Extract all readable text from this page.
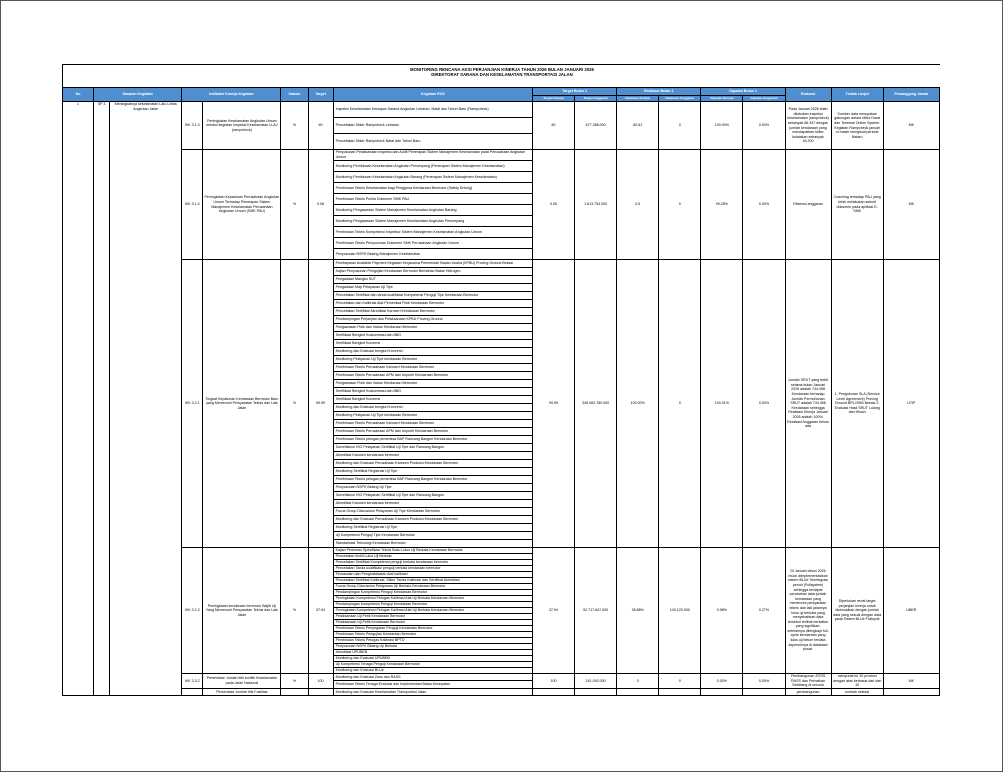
MONITORING RENCANA AKSI PERJANJIAN KINERJA TAHUN 2026 BULAN JANUARI 2026
DIREKTORAT SARANA DAN KESELAMATAN TRANSPORTASI JALAN
No	Sasaran Kegiatan		Indikator Kinerja Kegiatan		Satuan	Target	Kegiatan RO6	Target Bulan 1		Realisasi Bulan 1		Capaian Bulan 1		Evaluasi	Tindak Lanjut	Penanggung Jawab
								Target Kinerja	Target Anggaran	Realisasi Kinerja	Realisasi Anggaran	Capaian Kinerja	Capaian Anggaran			
1	SP 3	Meningkatnya keselamatan Lalu Lintas Angkutan Jalan	IKK 3.1.3	Peningkatan Keselamatan Angkutan Umum melalui kegiatan Inspeksi Keselamatan LLAJ (rampcheck)	%	60	Inspeksi Keselamatan Kesiapan Sarana Angkutan Lebaran, Natal dan Tahun Baru (Rampcheck)	60	677.288.000	60.61	0	100.00%	0.00%	Pada Januari 2026 telah dilakukan inspeksi keselamatan (rampcheck) sebanyak 66.347 dengan jumlah kendaraan yang mendapatkan stiker kelaiakan sebanyak 43.200	Sumber data merupakan gabungan antara Mitra Darat dan Terminal Online System. Kegiatan Rampcheck januari ni masih mengikuti periode Nataru	MK
							Pencetakan Stiker Rampcheck Lebaran									
							Pencetakan Stiker Rampcheck Natal dan Tahun Baru									
			IKK 3.1.4	Peningkatan Kepatuhan Perusahaan Angkutan Umum Terhadap Penerapan Sistem Manajemen Keselamatan Perusahaan Angkutan Umum (SMK PAU)	%	0.06	Penyusunan Pelaksanaan Inspeksi dan Audit Penerapan Sistem Manajemen Keselamatan pada Perusahaan Angkutan Umum	0.06	1.813.734.000	0.5	0	99.28%	0.00%	Efisiensi anggaran	Coaching terhadap PAU yang telah melakukan submit dokumen pada aplikasi E-SMK	MK
							Monitoring Pembinaan Keselamatan Angkutan Penumpang (Penerapan Sistem Manajemen Keselamatan)									
							Monitoring Pembinaan Keselamatan Angkutan Barang (Penerapan Sistem Manajemen Keselamatan)									
							Pembinaan Teknis Keselamatan bagi Pengguna Kendaraan Bermotor (Safety Driving)									
							Pembinaan Teknis Perilai Dokumen SMK PAU									
							Monitoring Pengawasan Sistem Manajemen Keselamatan Angkutan Barang									
							Monitoring Pengawasan Sistem Manajemen Keselamatan Angkutan Penumpang									
							Pembinaan Teknis Kompetensi Inspektur Sistem Manajemen Keselamatan Angkutan Umum									
							Pembinaan Teknis Penyusunan Dokumen SMK Perusahaan Angkutan Umum									
							Penyusunan NSPK Bidang Manajemen Keselamatan									
			IKK 3.2.1	Tingkat Kepatuhan Kendaraan Bermotor Baru yang Memenuhi Persyaratan Teknis dan Laik Jalan	%	99.99	Pembayaran Available Payment Kegiatan Kerjasama Pemerintah Badan Usaha (KPBU) Proving Ground Bekasi	99.99	345.983.780.000	100.00%	0	100.01%	0.00%	Jumlah SRUT yang terbit selama bulan Januari 2026 adalah 744.498 Kendaraan terhadap Jumlah Permohonan SRUT adalah 744.498 Kendaraan sehingga Realisasi Kinerja Januari 2026 adalah 100%. Realisasi Anggaran belum ada	1. Pengukuran SLA (Service Level Agreement) Proving Ground BPLJSKB Bekasi 2. Evaluasi Hasil SRUT Lulang dan Hilush	UTIP
							Kajian Penyusunan Pengujian Kendaraan Bermotor Berbahan Bakar Hidrogen									
							Pengadaan Mangku SUT									
							Pengadaan Map Pelayanan Uji Tipe									
							Pencetakan Sertifikat dan tanda kualifikasi Kompetensi Penguji Tipe Kendaraan Bermotor									
							Pencetakan dan Kalibrasi Alat Pemeriksa Fisik Kendaraan Bermotor									
							Pencetakan Sertifikat Akreditasi Karoseri Kendaraan Bermotor									
							Pendampingan Perjanjian dan Pelaksanaan KPBU Proving Ground									
							Pengawasan Fisik dan Varian Kendaraan Bermotor									
							Sertifikasi Bengkel Kustomisasi dan BBG									
							Sertifikasi Bengkel Konversi									
							Monitoring dan Evaluasi bengkel Konversi									
							Monitoring Pelayanan Uji Tipe kendaraan Bermotor									
							Pembinaan Teknis Perusahaan Karoseri Kendaraan Bermotor									
							Pembinaan Teknis Perusahaan APM dan Importir Kendaraan Bermotor									
							Pengawasan Fisik dan Varian Kendaraan Bermotor									
							Sertifikasi Bengkel Kustomisasi dan BBG									
							Sertifikasi Bengkel Konversi									
							Monitoring dan Evaluasi bengkel Konversi									
							Monitoring Pelayanan Uji Tipe kendaraan Bermotor									
							Pembinaan Teknis Perusahaan Karoseri Kendaraan Bermotor									
							Pembinaan Teknis Perusahaan APM dan Importir Kendaraan Bermotor									
							Pembinaan Teknis petugas pemeriksa BAP Rancang Bangun Kendaraan Bermotor									
							Surveillance ISO Pelayanan Sertifikat Uji Tipe dan Rancang Bangun									
							Akreditasi Karoseri kendaraan bermotor									
							Monitoring dan Evaluasi Perusahaan Karoseri Produksi Kendaraan Bermotor									
							Monitoring Sertifikat Registrasi Uji Tipe									
							Pembinaan Teknis petugas pemeriksa BAP Rancang Bangun Kendaraan Bermotor									
							Penyusunan NSPK Bidang Uji Tipe									
							Surveillance ISO Pelayanan Sertifikat Uji Tipe dan Rancang Bangun									
							Akreditasi Karoseri kendaraan bermotor									
							Focus Group Discussion Pelayanan Uji Tipe Kendaraan Bermotor									
							Monitoring dan Evaluasi Perusahaan Karoseri Produksi Kendaraan Bermotor									
							Monitoring Sertifikat Registrasi Uji Tipe									
							Uji Kompetensi Penguji Tipe Kendaraan Bermotor									
							Standarisasi Teknologi Kendaraan Bermotor									
			IKK 3.2.2	Peningkatan kendaraan bermotor Wajib Uji Yang Memenuhi Persyaratan Teknis dan Laik Jalan	%	37.94	Kajian Pedoman Spesifikasi Teknis Buku Lulus Uji Berkala Kendaraan Bermotor	37.94	92.717.847.000	38.88%	143.120.000	0.98%	0.27%	Di Januari tahun 2026 mulai diimplementasikan sistem BLUe Terintegrasi penuh (Fullsystem) sehingga terdapat perubahan data jumlah kendaraan yang memenuhi persyaratan teknis dan laik jalannya lulus uji berkala yang menyebabkan data tersebut terlihat berkaitan yang signifikan. setelahnya dilengkapi full-cycle kendaraan yang lulus uji belum terdata sepenuhnya di database pusat.	Diperlukan revisi target perjanjian kinerja untuk disesuaikan dengan jumlah data yang sesuai dengan data pada Sistem BLUe Fullcycle	UBER
							Pencetakan Bukti Lulus Uji Berkala									
							Pencetakan Sertifikat Kompetensi penguji berkala kendaraan bermotor									
							Pencetakan Tanda kualifikasi penguji berkala kendaraan bermotor									
							Pemasalan dan Penghafalasian Alat kalibrasi									
							Pencetakan Sertifikat Kalibrasi, Stiker Tanda Kalibrasi dan Sertifikat Akreditasi									
							Focus Group Discussion Pelayanan Uji Berkala Kendaraan Bermotor									
							Pendampingan Kompetensi Penguji Kendaraan Bermotor									
							Peningkatan Kompetensi Petugas Kalibrasi Alat Uji Berkala Kendaraan Bermotor									
							Pendampingan Kompetensi Penguji Kendaraan Bermotor									
							Peningkatan Kompetensi Petugas Kalibrasi Alat Uji Berkala Kendaraan Bermotor									
							Pelaksanaan Uji Petik Kendaraan Bermotor									
							Pelaksanaan Uji Petik Kendaraan Bermotor									
							Pembinaan Teknis Penyegaran Penguji Kendaraan Bermotor									
							Pembinaan Teknis Pengujian Kendaraan Bermotor									
							Pembinaan Teknis Petugas Kalibrasi BPTD									
							Penyusunan NSPK Bidang Uji Berkala									
							Akreditasi UPUBKB									
							Monitoring dan Evaluasi UPUBKB									
							Uji Kompetensi Tenaga Penguji Kendaraan Bermotor									
							Monitoring dan Evaluasi BLUe									
			IKK 3.3.2	Persentase Jumlah titik konflik Keselamatan pada Jalan Nasional	%	100	Monitoring dan Evaluasi Zoss dan RASS	100	241.092.000	0	0	0.00%	0.00%	Pembangunan ZOSS RASS dan Perbaikan Sebidang di seluruh	menyurati ke 10 provinsi dengan atas berbasis dari dan 10	MK
							Pembinaan Teknis Tenaga Evaluasi dan Implementasi Batas Kecepatan									
				Persentase Jumlah titik Fasilitas			Monitoring dan Evaluasi Keselamatan Transportasi Jalan							pembangunan	kontrak selesai	
